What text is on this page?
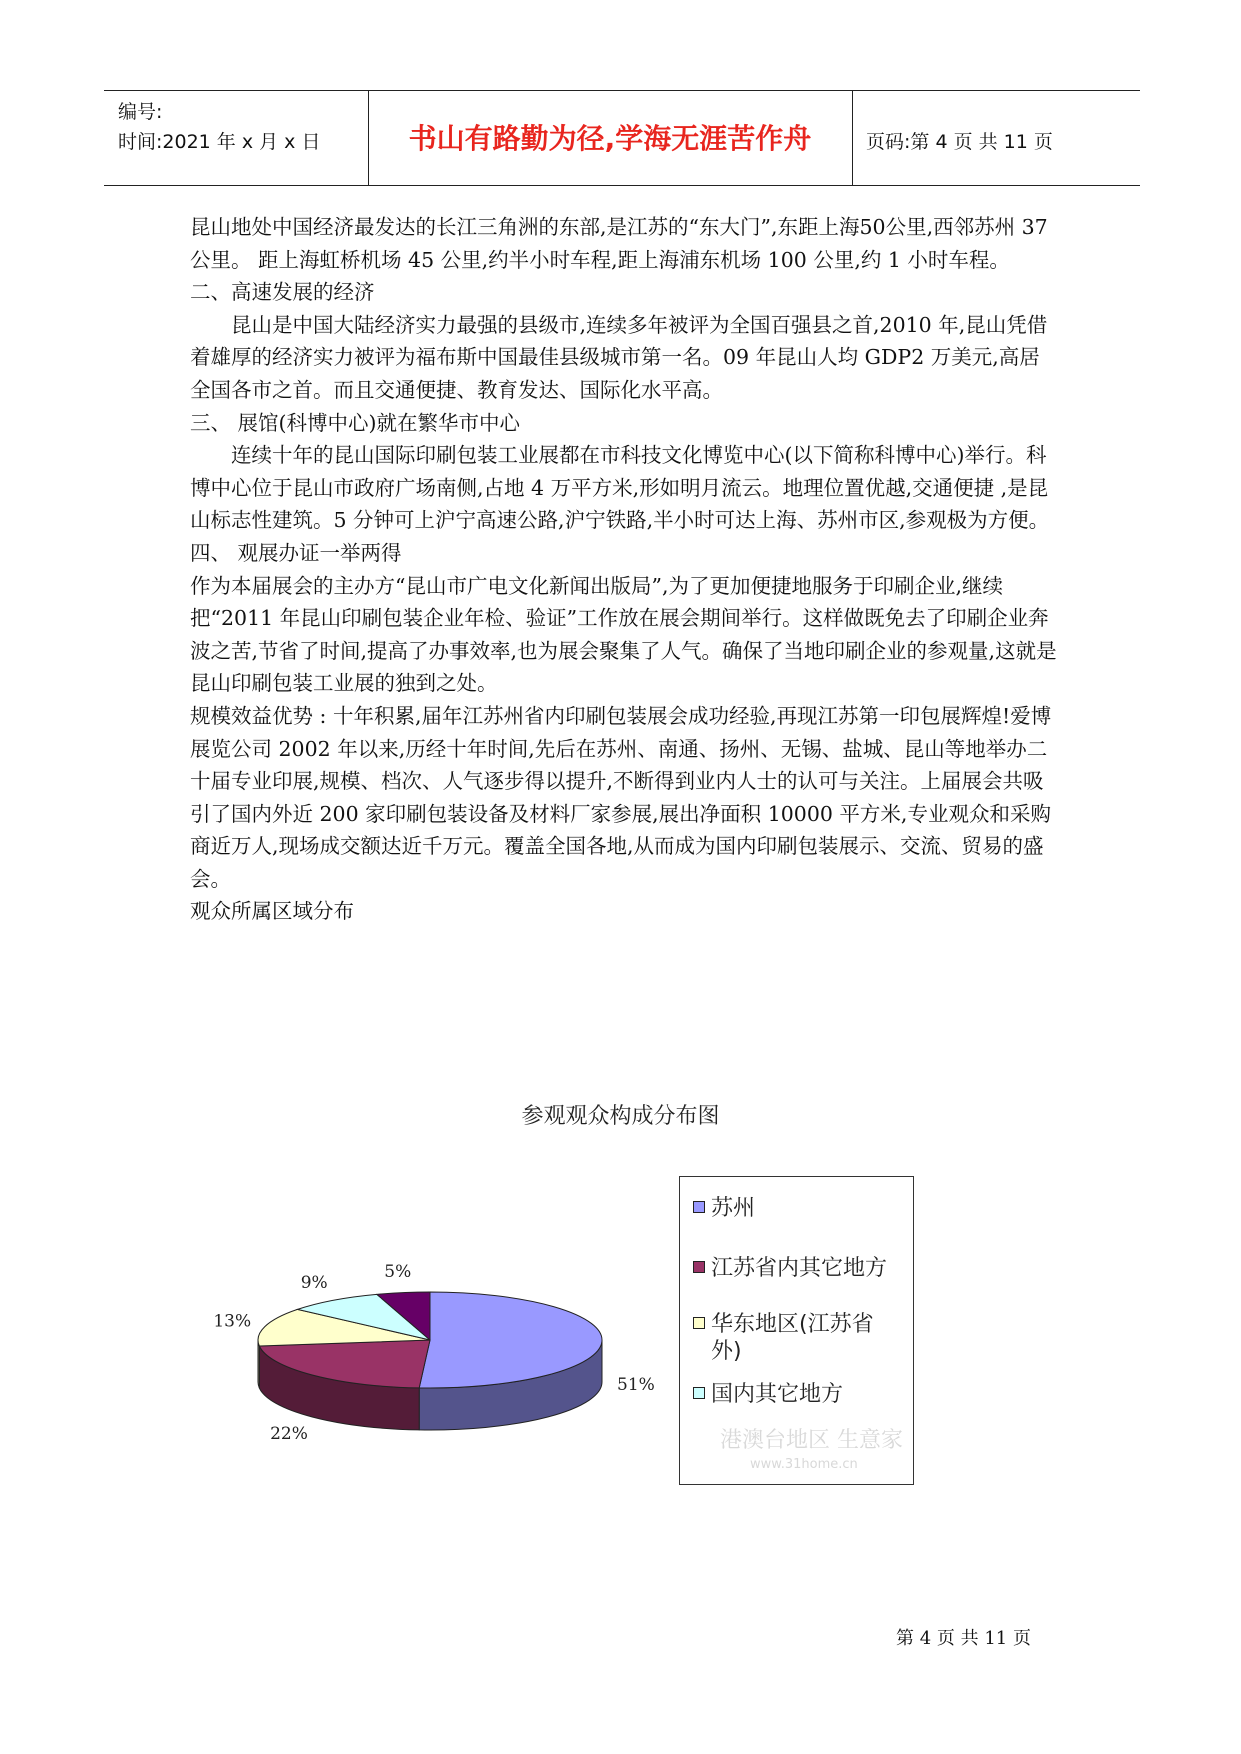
编号:
时间:2021 年 x 月 x 日	书山有路勤为径,学海无涯苦作舟	页码:第 4 页 共 11 页

昆山地处中国经济最发达的长江三角洲的东部,是江苏的“东大门”,东距上海50公里,西邻苏州 37 公里。 距上海虹桥机场 45 公里,约半小时车程,距上海浦东机场 100 公里,约 1 小时车程。

二、高速发展的经济

昆山是中国大陆经济实力最强的县级市,连续多年被评为全国百强县之首,2010 年,昆山凭借着雄厚的经济实力被评为福布斯中国最佳县级城市第一名。09 年昆山人均 GDP2 万美元,高居全国各市之首。而且交通便捷、教育发达、国际化水平高。

三、 展馆(科博中心)就在繁华市中心

连续十年的昆山国际印刷包装工业展都在市科技文化博览中心(以下简称科博中心)举行。科博中心位于昆山市政府广场南侧,占地 4 万平方米,形如明月流云。地理位置优越,交通便捷 ,是昆山标志性建筑。5 分钟可上沪宁高速公路,沪宁铁路,半小时可达上海、苏州市区,参观极为方便。

四、 观展办证一举两得

作为本届展会的主办方“昆山市广电文化新闻出版局”,为了更加便捷地服务于印刷企业,继续把“2011 年昆山印刷包装企业年检、验证”工作放在展会期间举行。这样做既免去了印刷企业奔波之苦,节省了时间,提高了办事效率,也为展会聚集了人气。确保了当地印刷企业的参观量,这就是昆山印刷包装工业展的独到之处。

规模效益优势 : 十年积累,届年江苏州省内印刷包装展会成功经验,再现江苏第一印包展辉煌!爱博展览公司 2002 年以来,历经十年时间,先后在苏州、南通、扬州、无锡、盐城、昆山等地举办二十届专业印展,规模、档次、人气逐步得以提升,不断得到业内人士的认可与关注。上届展会共吸引了国内外近 200 家印刷包装设备及材料厂家参展,展出净面积 10000 平方米,专业观众和采购商近万人,现场成交额达近千万元。覆盖全国各地,从而成为国内印刷包装展示、交流、贸易的盛会。

观众所属区域分布

参观观众构成分布图
51%
22%
13%
9%
5%
苏州
江苏省内其它地方
华东地区(江苏省外)
国内其它地方
港澳台地区 生意家
www.31home.cn
第 4 页 共 11 页
